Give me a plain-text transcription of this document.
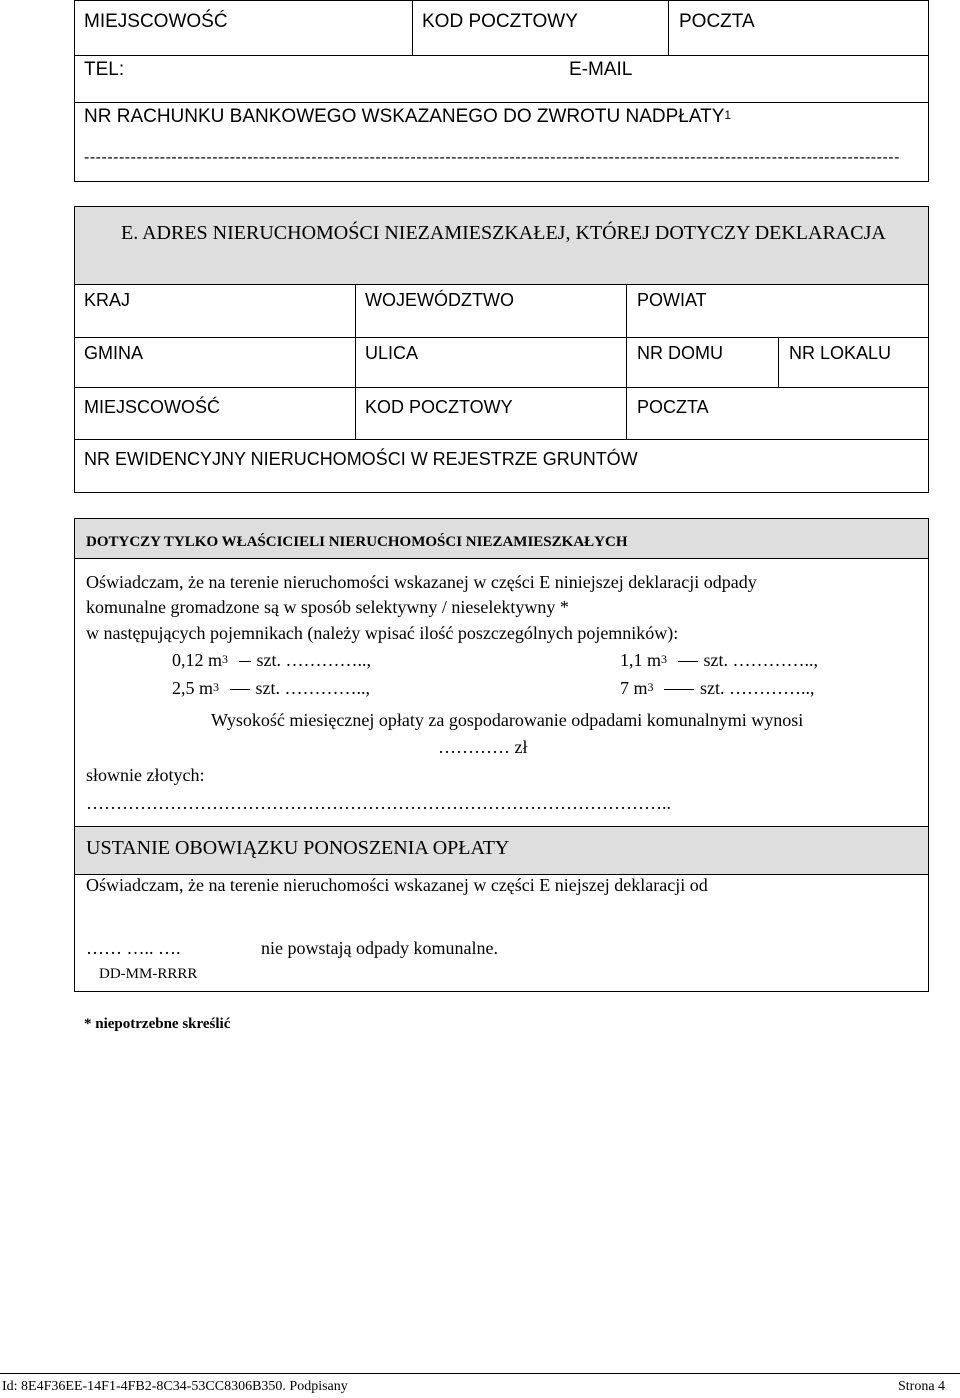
MIEJSCOWOŚĆ	KOD POCZTOWY	POCZTA
TEL:	E-MAIL
NR RACHUNKU BANKOWEGO WSKAZANEGO DO ZWROTU NADPŁATY$^1$
--------------------------------------------------------------------------------------------------------------------------------------------
E. ADRES NIERUCHOMOŚCI NIEZAMIESZKAŁEJ, KTÓREJ DOTYCZY DEKLARACJA
KRAJ	WOJEWÓDZTWO	POWIAT
GMINA	ULICA	NR DOMU	NR LOKALU
MIEJSCOWOŚĆ	KOD POCZTOWY	POCZTA
NR EWIDENCYJNY NIERUCHOMOŚCI W REJESTRZE GRUNTÓW
DOTYCZY TYLKO WŁAŚCICIELI NIERUCHOMOŚCI NIEZAMIESZKAŁYCH
Oświadczam, że na terenie nieruchomości wskazanej w części E niniejszej deklaracji odpady
komunalne gromadzone są w sposób selektywny / nieselektywny *
w następujących pojemnikach (należy wpisać ilość poszczególnych pojemników):
0,12 $m^3$ szt. …………..,	1,1 $m^3$ szt. …………..,
2,5 $m^3$ szt. …………..,	7 $m^3$	szt. …………..,
Wysokość miesięcznej opłaty za gospodarowanie odpadami komunalnymi wynosi
………… zł
słownie złotych:
……………………………………………………………………………………..
USTANIE OBOWIĄZKU PONOSZENIA OPŁATY
Oświadczam, że na terenie nieruchomości wskazanej w części E niejszej deklaracji od
…… ….. ….	nie powstają odpady komunalne.
DD-MM-RRRR
* niepotrzebne skreślić
Id: 8E4F36EE-14F1-4FB2-8C34-53CC8306B350. Podpisany	Strona 4
